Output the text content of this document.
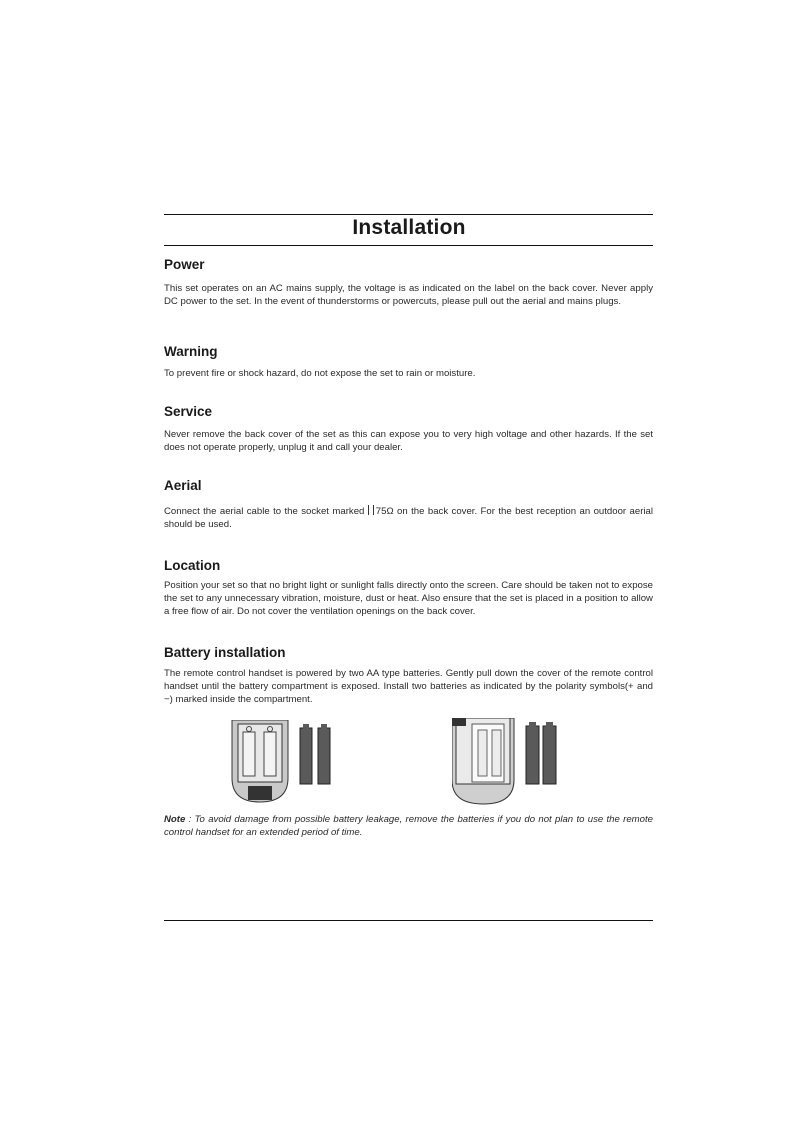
Installation
Power
This set operates on an AC mains supply, the voltage is as indicated on the label on the back cover. Never apply DC power to the set. In the event of thunderstorms or powercuts, please pull out the aerial and mains plugs.
Warning
To prevent fire or shock hazard, do not expose the set to rain or moisture.
Service
Never remove the back cover of the set as this can expose you to very high voltage and other hazards. If the set does not operate properly, unplug it and call your dealer.
Aerial
Connect the aerial cable to the socket marked 75Ω on the back cover. For the best reception an outdoor aerial should be used.
Location
Position your set so that no bright light or sunlight falls directly onto the screen. Care should be taken not to expose the set to any unnecessary vibration, moisture, dust or heat. Also ensure that the set is placed in a position to allow a free flow of air. Do not cover the ventilation openings on the back cover.
Battery installation
The remote control handset is powered by two AA type batteries. Gently pull down the cover of the remote control handset until the battery compartment is exposed. Install two batteries as indicated by the polarity symbols(+ and −) marked inside the compartment.
Note : To avoid damage from possible battery leakage, remove the batteries if you do not plan to use the remote control handset for an extended period of time.
